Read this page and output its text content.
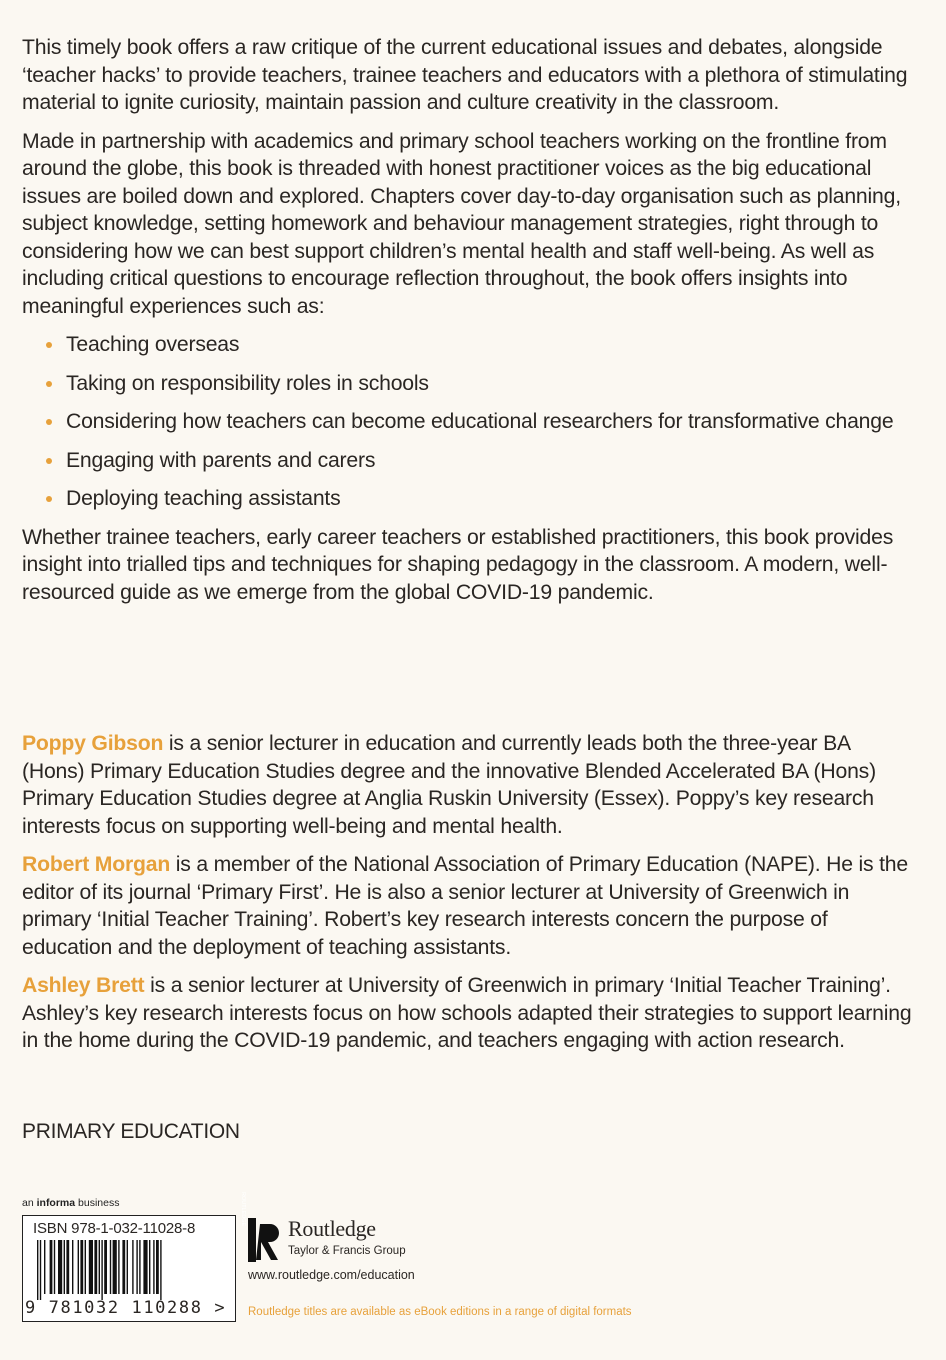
This timely book offers a raw critique of the current educational issues and debates, alongside ‘teacher hacks’ to provide teachers, trainee teachers and educators with a plethora of stimulating material to ignite curiosity, maintain passion and culture creativity in the classroom.

Made in partnership with academics and primary school teachers working on the frontline from around the globe, this book is threaded with honest practitioner voices as the big educational issues are boiled down and explored. Chapters cover day-to-day organisation such as planning, subject knowledge, setting homework and behaviour management strategies, right through to considering how we can best support children’s mental health and staff well-being. As well as including critical questions to encourage reflection throughout, the book offers insights into meaningful experiences such as:

Teaching overseas
Taking on responsibility roles in schools
Considering how teachers can become educational researchers for transformative change
Engaging with parents and carers
Deploying teaching assistants

Whether trainee teachers, early career teachers or established practitioners, this book provides insight into trialled tips and techniques for shaping pedagogy in the classroom. A modern, well-resourced guide as we emerge from the global COVID-19 pandemic.

Poppy Gibson is a senior lecturer in education and currently leads both the three-year BA (Hons) Primary Education Studies degree and the innovative Blended Accelerated BA (Hons) Primary Education Studies degree at Anglia Ruskin University (Essex). Poppy’s key research interests focus on supporting well-being and mental health.

Robert Morgan is a member of the National Association of Primary Education (NAPE). He is the editor of its journal ‘Primary First’. He is also a senior lecturer at University of Greenwich in primary ‘Initial Teacher Training’. Robert’s key research interests concern the purpose of education and the deployment of teaching assistants.

Ashley Brett is a senior lecturer at University of Greenwich in primary ‘Initial Teacher Training’. Ashley’s key research interests focus on how schools adapted their strategies to support learning in the home during the COVID-19 pandemic, and teachers engaging with action research.

PRIMARY EDUCATION
an informa business
ISBN 978-1-032-11028-8
9 781032 110288 >
ROUTLEDGE
Routledge
Taylor & Francis Group
www.routledge.com/education
Routledge titles are available as eBook editions in a range of digital formats
